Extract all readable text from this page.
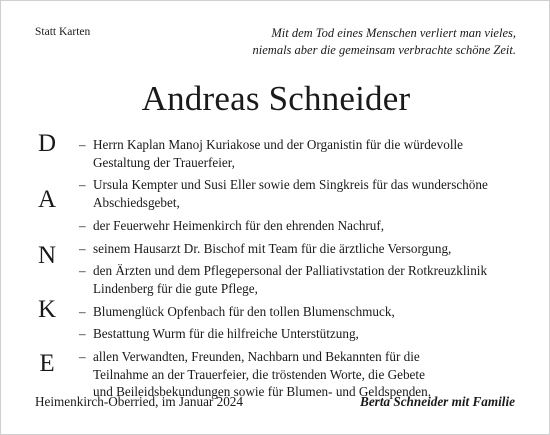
Statt Karten	Mit dem Tod eines Menschen verliert man vieles,
niemals aber die gemeinsam verbrachte schöne Zeit.
Andreas Schneider
D
A
N
K
E
– Herrn Kaplan Manoj Kuriakose und der Organistin für die würdevolle
Gestaltung der Trauerfeier,
– Ursula Kempter und Susi Eller sowie dem Singkreis für das wunderschöne
Abschiedsgebet,
– der Feuerwehr Heimenkirch für den ehrenden Nachruf,
– seinem Hausarzt Dr. Bischof mit Team für die ärztliche Versorgung,
– den Ärzten und dem Pflegepersonal der Palliativstation der Rotkreuzklinik
Lindenberg für die gute Pflege,
– Blumenglück Opfenbach für den tollen Blumenschmuck,
– Bestattung Wurm für die hilfreiche Unterstützung,
– allen Verwandten, Freunden, Nachbarn und Bekannten für die
Teilnahme an der Trauerfeier, die tröstenden Worte, die Gebete
und Beileidsbekundungen sowie für Blumen- und Geldspenden.
Heimenkirch-Oberried, im Januar 2024	Berta Schneider mit Familie
